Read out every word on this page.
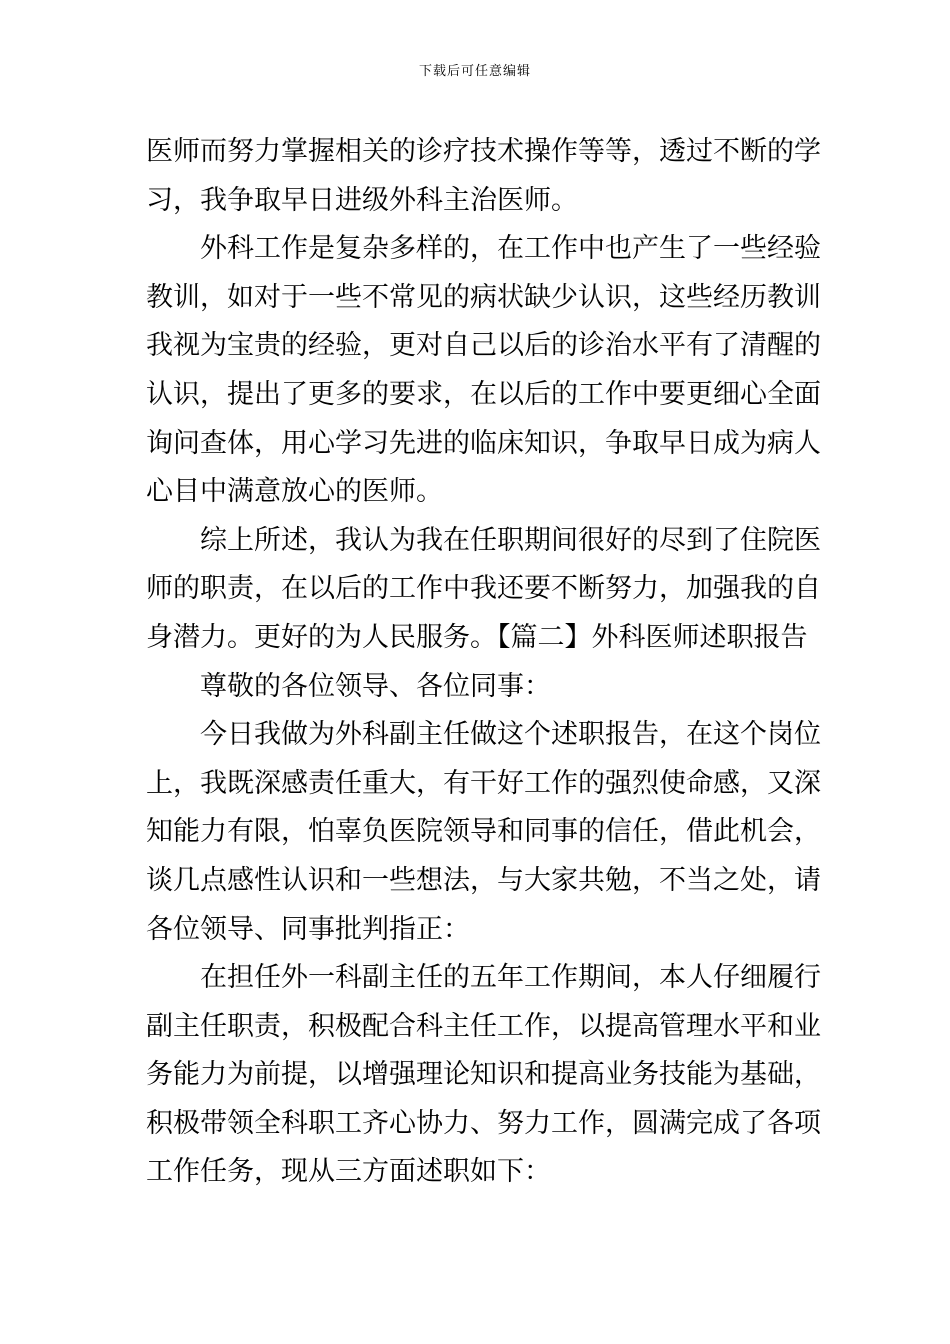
下载后可任意编辑
医师而努力掌握相关的诊疗技术操作等等，透过不断的学
习，我争取早日进级外科主治医师。
外科工作是复杂多样的，在工作中也产生了一些经验
教训，如对于一些不常见的病状缺少认识，这些经历教训
我视为宝贵的经验，更对自己以后的诊治水平有了清醒的
认识，提出了更多的要求，在以后的工作中要更细心全面
询问查体，用心学习先进的临床知识，争取早日成为病人
心目中满意放心的医师。
综上所述，我认为我在任职期间很好的尽到了住院医
师的职责，在以后的工作中我还要不断努力，加强我的自
身潜力。更好的为人民服务。【篇二】外科医师述职报告
尊敬的各位领导、各位同事：
今日我做为外科副主任做这个述职报告，在这个岗位
上，我既深感责任重大，有干好工作的强烈使命感，又深
知能力有限，怕辜负医院领导和同事的信任，借此机会，
谈几点感性认识和一些想法，与大家共勉，不当之处，请
各位领导、同事批判指正：
在担任外一科副主任的五年工作期间，本人仔细履行
副主任职责，积极配合科主任工作，以提高管理水平和业
务能力为前提，以增强理论知识和提高业务技能为基础，
积极带领全科职工齐心协力、努力工作，圆满完成了各项
工作任务，现从三方面述职如下：
